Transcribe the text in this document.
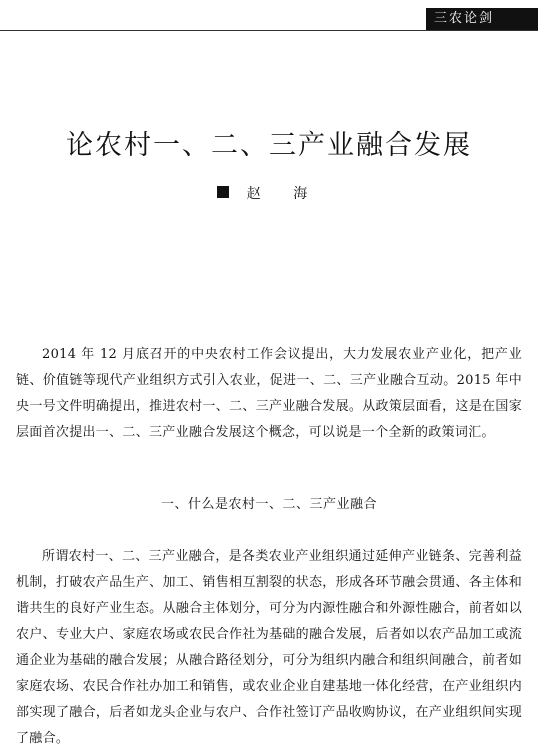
三农论剑
论农村一、二、三产业融合发展
赵 海

2014 年 12 月底召开的中央农村工作会议提出，大力发展农业产业化，把产业链、价值链等现代产业组织方式引入农业，促进一、二、三产业融合互动。2015 年中央一号文件明确提出，推进农村一、二、三产业融合发展。从政策层面看，这是在国家层面首次提出一、二、三产业融合发展这个概念，可以说是一个全新的政策词汇。

一、什么是农村一、二、三产业融合

所谓农村一、二、三产业融合，是各类农业产业组织通过延伸产业链条、完善利益机制，打破农产品生产、加工、销售相互割裂的状态，形成各环节融会贯通、各主体和谐共生的良好产业生态。从融合主体划分，可分为内源性融合和外源性融合，前者如以农户、专业大户、家庭农场或农民合作社为基础的融合发展，后者如以农产品加工或流通企业为基础的融合发展；从融合路径划分，可分为组织内融合和组织间融合，前者如家庭农场、农民合作社办加工和销售，或农业企业自建基地一体化经营，在产业组织内部实现了融合，后者如龙头企业与农户、合作社签订产品收购协议，在产业组织间实现了融合。
